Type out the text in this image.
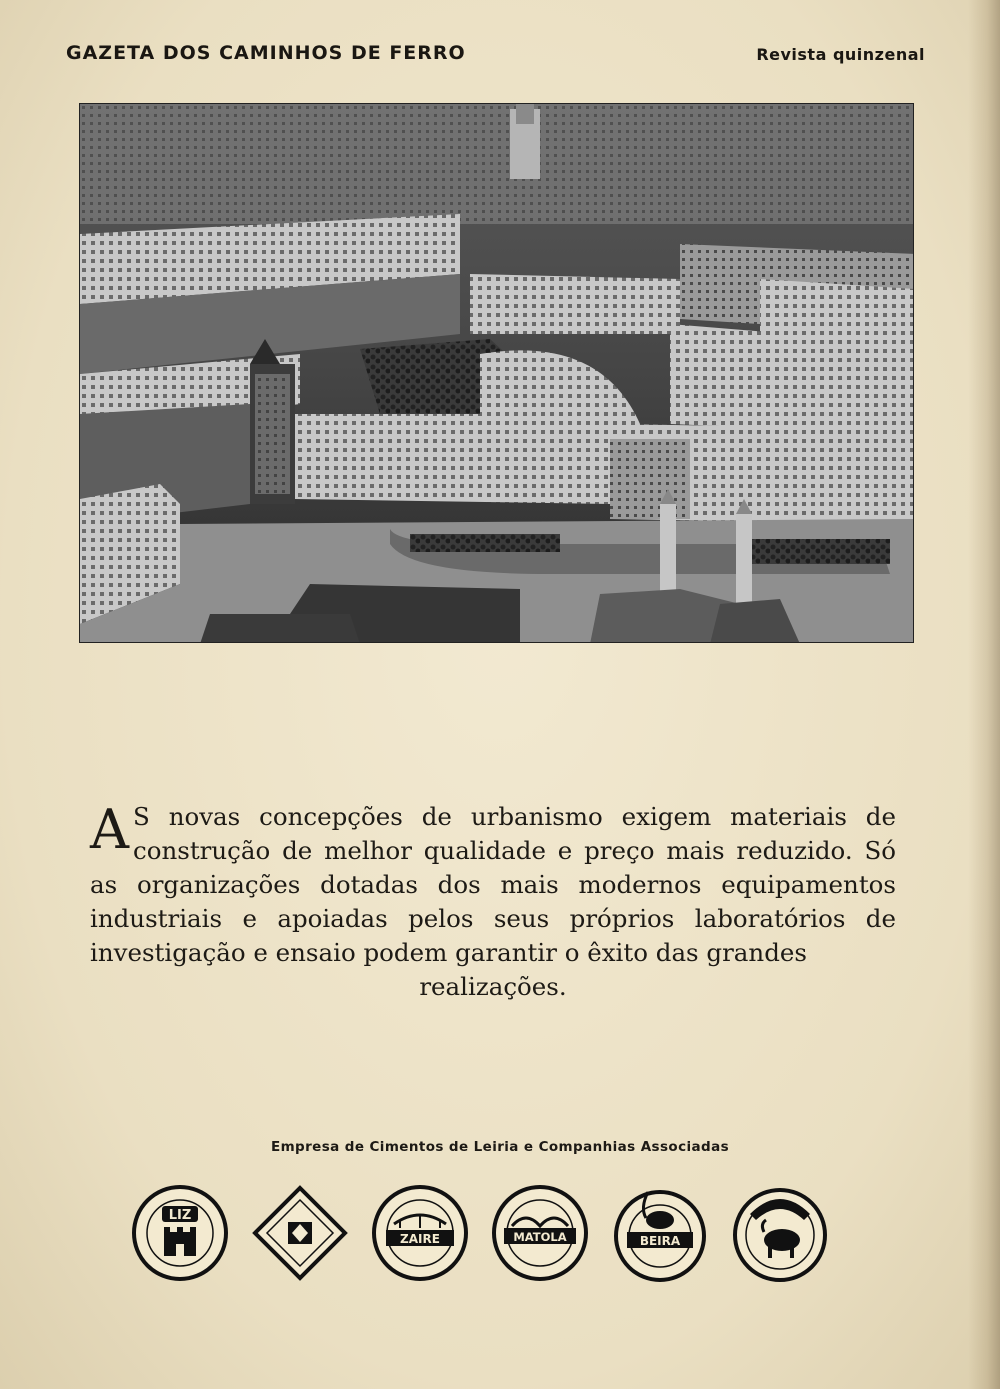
GAZETA DOS CAMINHOS DE FERRO	Revista quinzenal
A S novas concepções de urbanismo exigem materiais de construção de melhor qualidade e preço mais reduzido. Só as organizações dotadas dos mais modernos equipamentos industriais e apoiadas pelos seus próprios laboratórios de investigação e ensaio podem garantir o êxito das grandes
realizações.
Empresa de Cimentos de Leiria e Companhias Associadas
LIZ
ZAIRE	MATOLA	BEIRA
